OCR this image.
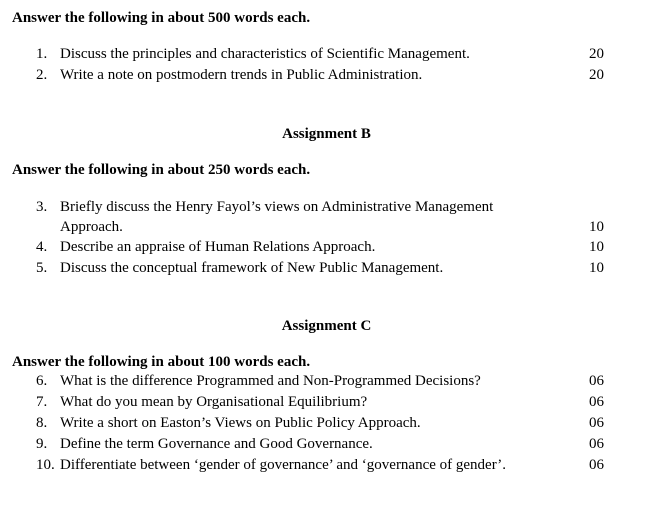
Answer the following in about 500 words each.
1. Discuss the principles and characteristics of Scientific Management.	20
2. Write a note on postmodern trends in Public Administration.	20
Assignment B
Answer the following in about 250 words each.
3. Briefly discuss the Henry Fayol’s views on Administrative Management
Approach.	10
4. Describe an appraise of Human Relations Approach.	10
5. Discuss the conceptual framework of New Public Management.	10
Assignment C
Answer the following in about 100 words each.
6. What is the difference Programmed and Non-Programmed Decisions?	06
7. What do you mean by Organisational Equilibrium?	06
8. Write a short on Easton’s Views on Public Policy Approach.	06
9. Define the term Governance and Good Governance.	06
10. Differentiate between ‘gender of governance’ and ‘governance of gender’.	06
